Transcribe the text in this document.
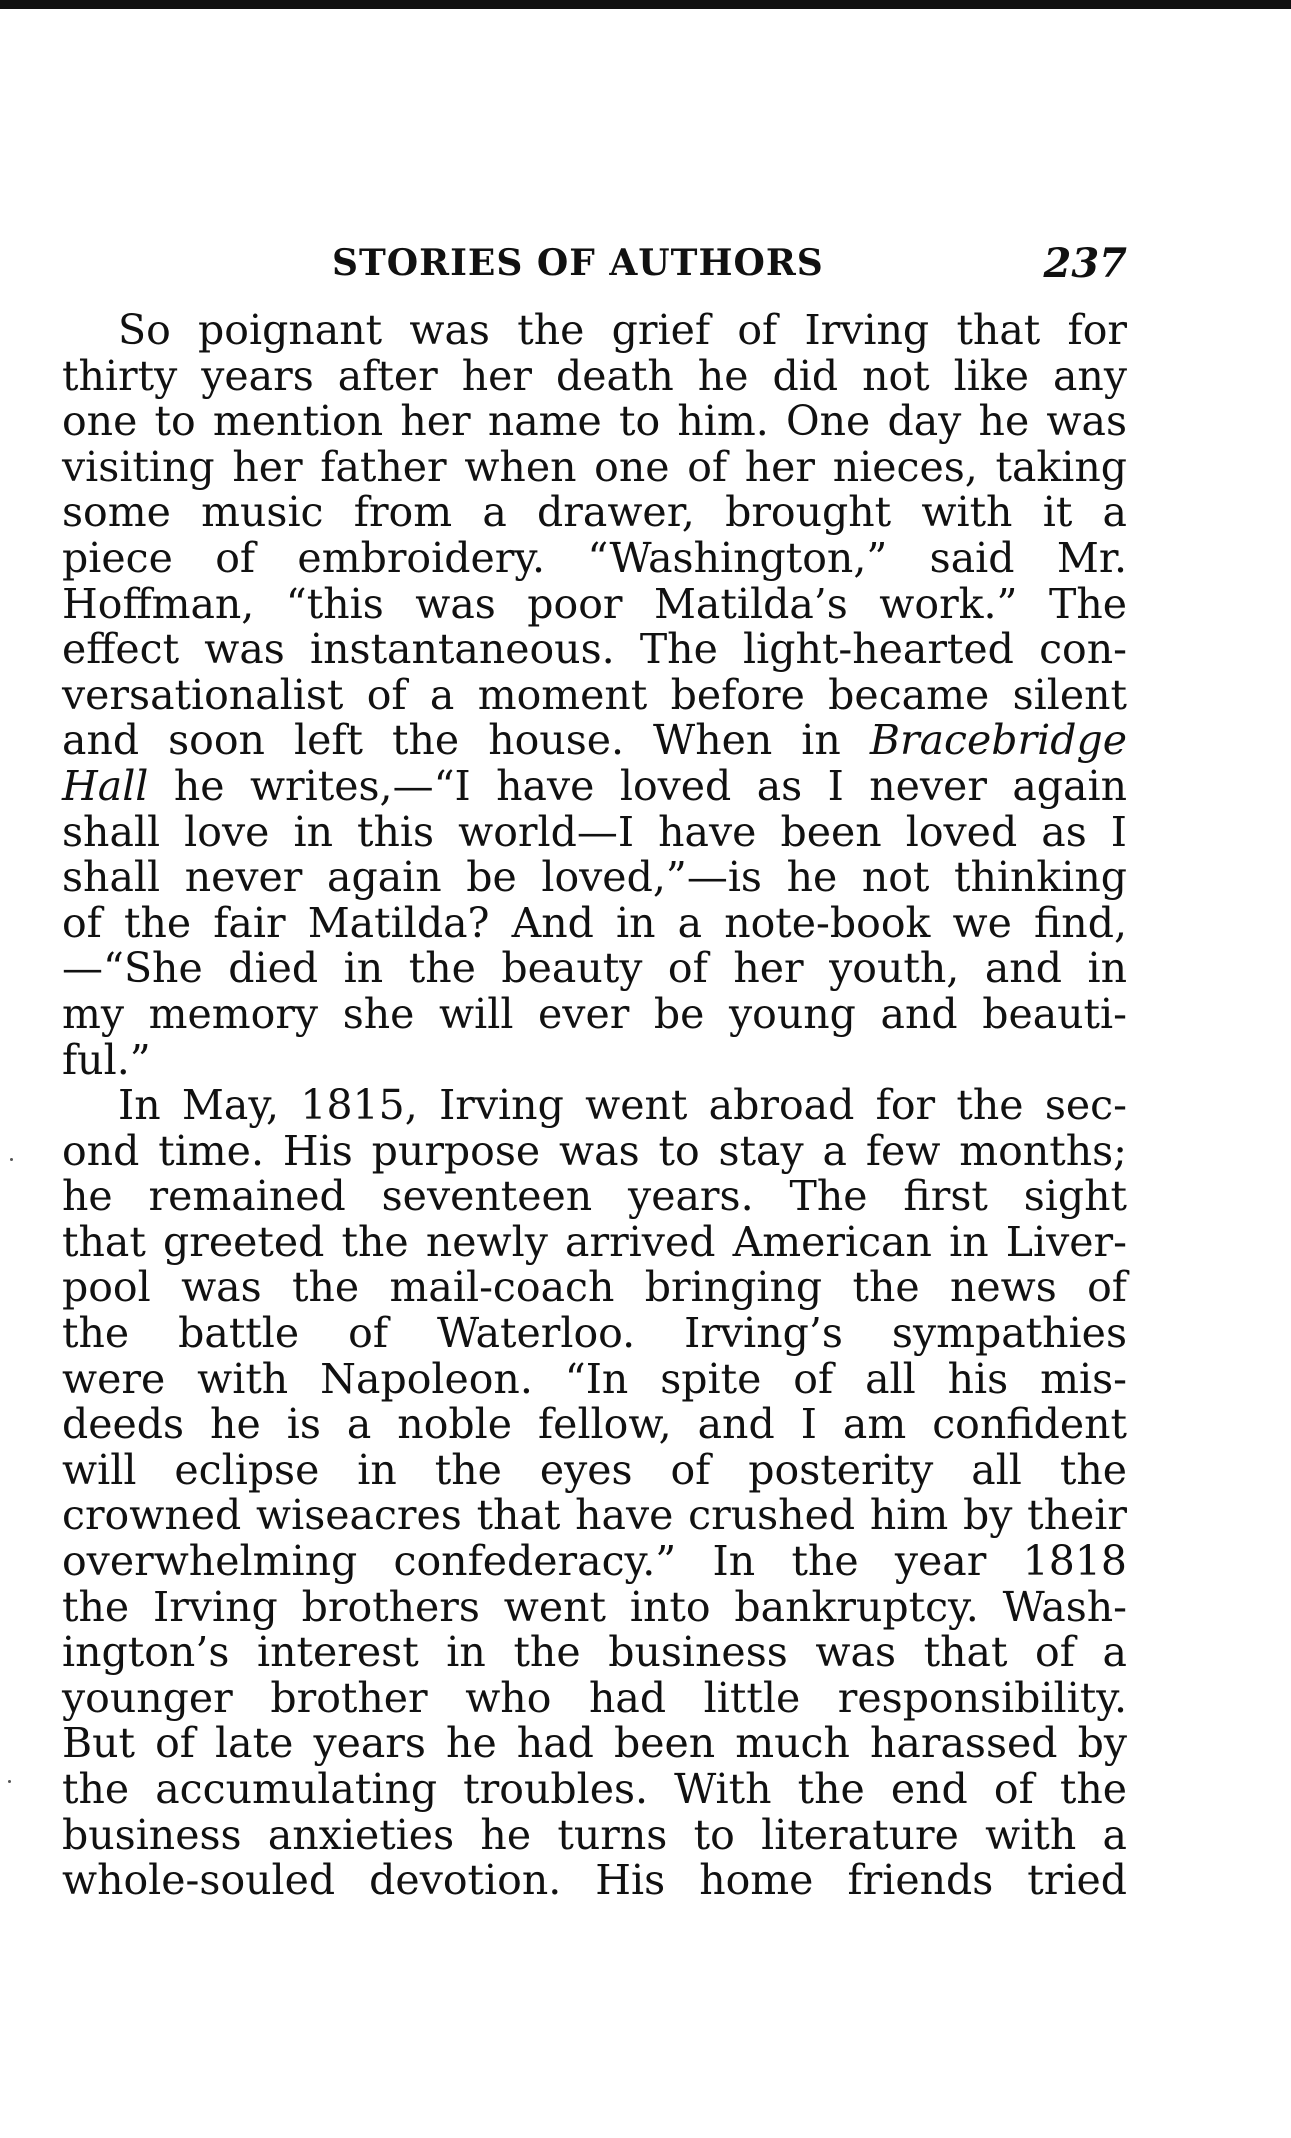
STORIES OF AUTHORS	237

So poignant was the grief of Irving that for
thirty years after her death he did not like any
one to mention her name to him. One day he was
visiting her father when one of her nieces, taking
some music from a drawer, brought with it a
piece of embroidery. “Washington,” said Mr.
Hoffman, “this was poor Matilda’s work.” The
effect was instantaneous. The light-hearted con-
versationalist of a moment before became silent
and soon left the house. When in Bracebridge
Hall he writes,—“I have loved as I never again
shall love in this world—I have been loved as I
shall never again be loved,”—is he not thinking
of the fair Matilda? And in a note-book we find,
—“She died in the beauty of her youth, and in
my memory she will ever be young and beauti-
ful.”

In May, 1815, Irving went abroad for the sec-
ond time. His purpose was to stay a few months;
he remained seventeen years. The first sight
that greeted the newly arrived American in Liver-
pool was the mail-coach bringing the news of
the battle of Waterloo. Irving’s sympathies
were with Napoleon. “In spite of all his mis-
deeds he is a noble fellow, and I am confident
will eclipse in the eyes of posterity all the
crowned wiseacres that have crushed him by their
overwhelming confederacy.” In the year 1818
the Irving brothers went into bankruptcy. Wash-
ington’s interest in the business was that of a
younger brother who had little responsibility.
But of late years he had been much harassed by
the accumulating troubles. With the end of the
business anxieties he turns to literature with a
whole-souled devotion. His home friends tried
